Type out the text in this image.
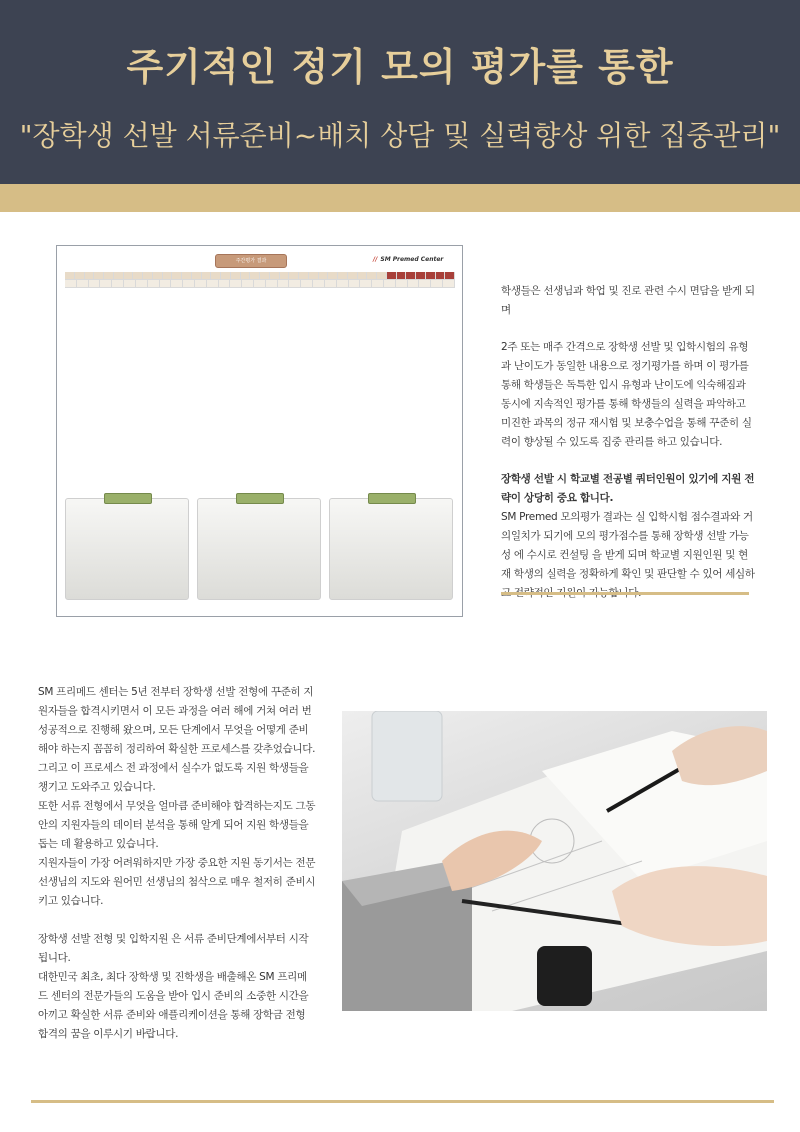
주기적인 정기 모의 평가를 통한
"장학생 선발 서류준비~배치 상담 및 실력향상 위한 집중관리"
주간평가 결과	// SM Premed Center

학생들은 선생님과 학업 및 진로 관련 수시 면담을 받게 되며

2주 또는 매주 간격으로 장학생 선발 및 입학시험의 유형과 난이도가 동일한 내용으로 정기평가를 하며 이 평가를 통해 학생들은 독특한 입시 유형과 난이도에 익숙해짐과 동시에 지속적인 평가를 통해 학생들의 실력을 파악하고 미진한 과목의 정규 재시험 및 보충수업을 통해 꾸준히 실력이 향상될 수 있도록 집중 관리를 하고 있습니다.

장학생 선발 시 학교별 전공별 쿼터인원이 있기에 지원 전략이 상당히 중요 합니다.

SM Premed 모의평가 결과는 실 입학시험 점수결과와 거의일치가 되기에 모의 평가점수를 통해 장학생 선발 가능성 에 수시로 컨설팅 을 받게 되며 학교별 지원인원 및 현재 학생의 실력을 정확하게 확인 및 판단할 수 있어 세심하

SM 프리메드 센터는 5년 전부터 장학생 선발 전형에 꾸준히 지원자들을 합격시키면서 이 모든 과정을 여러 해에 거쳐 여러 번 성공적으로 진행해 왔으며, 모든 단계에서 무엇을 어떻게 준비해야 하는지 꼼꼼히 정리하여 확실한 프로세스를 갖추었습니다. 그리고 이 프로세스 전 과정에서 실수가 없도록 지원 학생들을 챙기고 도와주고 있습니다.

또한 서류 전형에서 무엇을 얼마큼 준비해야 합격하는지도 그동안의 지원자들의 데이터 분석을 통해 알게 되어 지원 학생들을 돕는 데 활용하고 있습니다.

지원자들이 가장 어려워하지만 가장 중요한 지원 동기서는 전문 선생님의 지도와 원어민 선생님의 첨삭으로 매우 철저히 준비시키고 있습니다.

장학생 선발 전형 및 입학지원 은 서류 준비단계에서부터 시작됩니다.

대한민국 최초, 최다 장학생 및 진학생을 배출해온 SM 프리메드 센터의 전문가들의 도움을 받아 입시 준비의 소중한 시간을 아끼고 확실한 서류 준비와 애플리케이션을 통해 장학금 전형 합격의 꿈을 이루시기 바랍니다.
